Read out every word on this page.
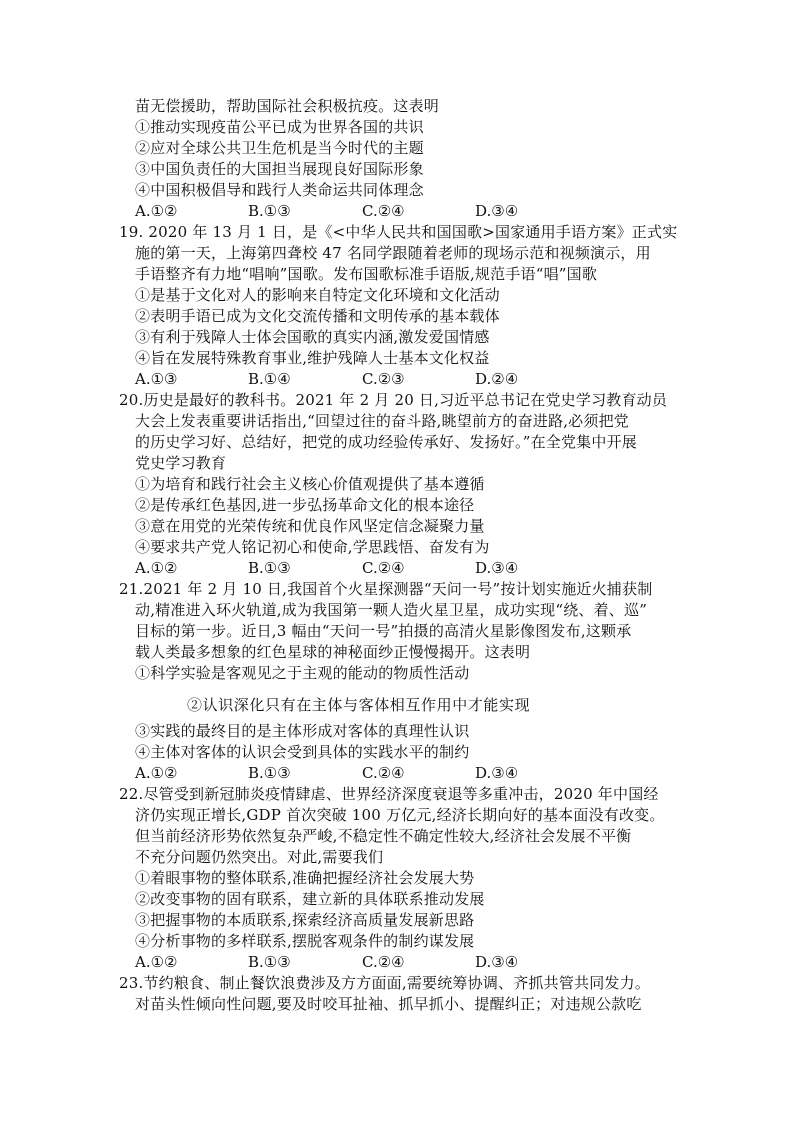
苗无偿援助，帮助国际社会积极抗疫。这表明
①推动实现疫苗公平已成为世界各国的共识
②应对全球公共卫生危机是当今时代的主题
③中国负责任的大国担当展现良好国际形象
④中国积极倡导和践行人类命运共同体理念
A.①②	B.①③	C.②④	D.③④
19. 2020 年 13 月 1 日，是《<中华人民共和国国歌>国家通用手语方案》正式实
施的第一天，上海第四聋校 47 名同学跟随着老师的现场示范和视频演示，用
手语整齐有力地“唱响”国歌。发布国歌标准手语版,规范手语“唱”国歌
①是基于文化对人的影响来自特定文化环境和文化活动
②表明手语已成为文化交流传播和文明传承的基本载体
③有利于残障人士体会国歌的真实内涵,激发爱国情感
④旨在发展特殊教育事业,维护残障人士基本文化权益
A.①③	B.①④	C.②③	D.②④
20.历史是最好的教科书。2021 年 2 月 20 日,习近平总书记在党史学习教育动员
大会上发表重要讲话指出,“回望过往的奋斗路,眺望前方的奋进路,必须把党
的历史学习好、总结好，把党的成功经验传承好、发扬好。”在全党集中开展
党史学习教育
①为培育和践行社会主义核心价值观提供了基本遵循
②是传承红色基因,进一步弘扬革命文化的根本途径
③意在用党的光荣传统和优良作风坚定信念凝聚力量
④要求共产党人铭记初心和使命,学思践悟、奋发有为
A.①②	B.①③	C.②④	D.③④
21.2021 年 2 月 10 日,我国首个火星探测器“天问一号”按计划实施近火捕获制
动,精准进入环火轨道,成为我国第一颗人造火星卫星，成功实现“绕、着、巡”
目标的第一步。近日,3 幅由“天问一号”拍摄的高清火星影像图发布,这颗承
载人类最多想象的红色星球的神秘面纱正慢慢揭开。这表明
①科学实验是客观见之于主观的能动的物质性活动
②认识深化只有在主体与客体相互作用中才能实现
③实践的最终目的是主体形成对客体的真理性认识
④主体对客体的认识会受到具体的实践水平的制约
A.①②	B.①③	C.②④	D.③④
22.尽管受到新冠肺炎疫情肆虐、世界经济深度衰退等多重冲击，2020 年中国经
济仍实现正增长,GDP 首次突破 100 万亿元,经济长期向好的基本面没有改变。
但当前经济形势依然复杂严峻,不稳定性不确定性较大,经济社会发展不平衡
不充分问题仍然突出。对此,需要我们
①着眼事物的整体联系,准确把握经济社会发展大势
②改变事物的固有联系，建立新的具体联系推动发展
③把握事物的本质联系,探索经济高质量发展新思路
④分析事物的多样联系,摆脱客观条件的制约谋发展
A.①②	B.①③	C.②④	D.③④
23.节约粮食、制止餐饮浪费涉及方方面面,需要统筹协调、齐抓共管共同发力。
对苗头性倾向性问题,要及时咬耳扯袖、抓早抓小、提醒纠正；对违规公款吃
